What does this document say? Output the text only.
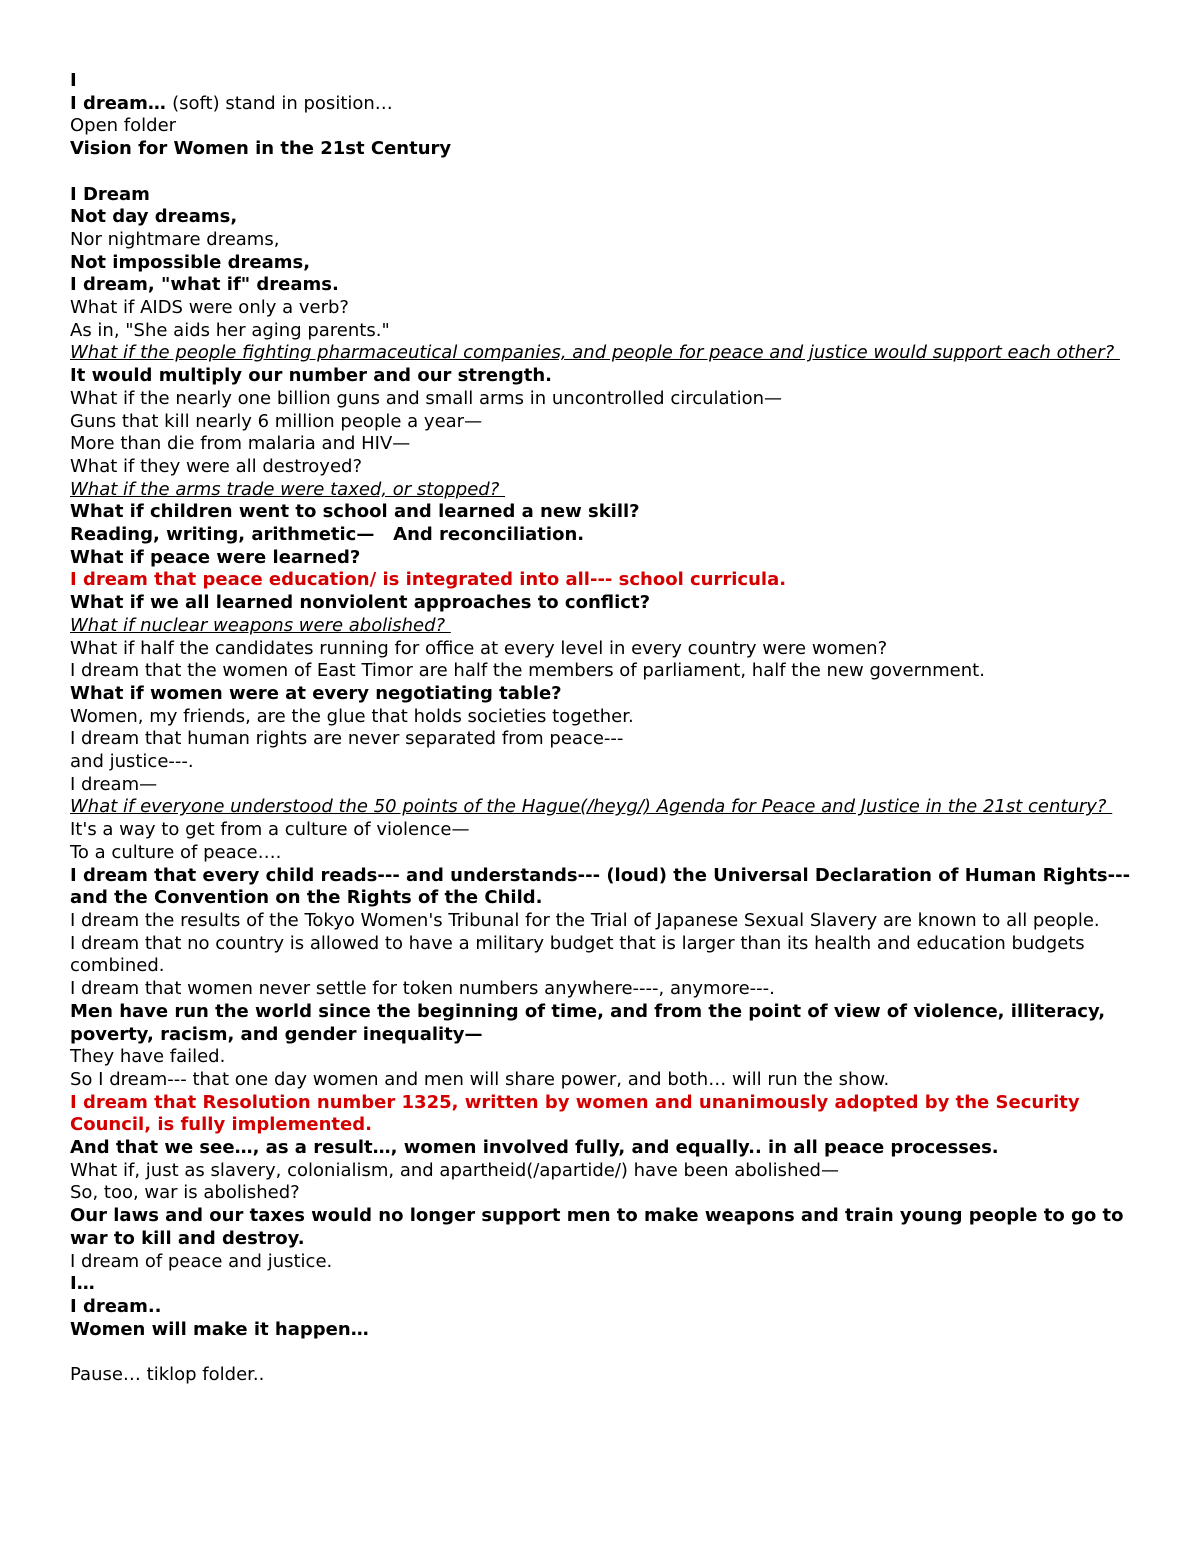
I
I dream… (soft) stand in position…
Open folder
Vision for Women in the 21st Century
I Dream
Not day dreams,
Nor nightmare dreams,
Not impossible dreams,
I dream, "what if" dreams.
What if AIDS were only a verb?
As in, "She aids her aging parents."
What if the people fighting pharmaceutical companies, and people for peace and justice would support each other?
It would multiply our number and our strength.
What if the nearly one billion guns and small arms in uncontrolled circulation—
Guns that kill nearly 6 million people a year—
More than die from malaria and HIV—
What if they were all destroyed?
What if the arms trade were taxed, or stopped?
What if children went to school and learned a new skill?
Reading, writing, arithmetic—   And reconciliation.
What if peace were learned?
I dream that peace education/ is integrated into all--- school curricula.
What if we all learned nonviolent approaches to conflict?
What if nuclear weapons were abolished?
What if half the candidates running for office at every level in every country were women?
I dream that the women of East Timor are half the members of parliament, half the new government.
What if women were at every negotiating table?
Women, my friends, are the glue that holds societies together.
I dream that human rights are never separated from peace---
and justice---.
I dream—
What if everyone understood the 50 points of the Hague(/heyg/) Agenda for Peace and Justice in the 21st century?
It's a way to get from a culture of violence—
To a culture of peace….
I dream that every child reads--- and understands--- (loud) the Universal Declaration of Human Rights--- and the Convention on the Rights of the Child.
I dream the results of the Tokyo Women's Tribunal for the Trial of Japanese Sexual Slavery are known to all people.
I dream that no country is allowed to have a military budget that is larger than its health and education budgets combined.
I dream that women never settle for token numbers anywhere----, anymore---.
Men have run the world since the beginning of time, and from the point of view of violence, illiteracy, poverty, racism, and gender inequality—
They have failed.
So I dream--- that one day women and men will share power, and both… will run the show.
I dream that Resolution number 1325, written by women and unanimously adopted by the Security Council, is fully implemented.
And that we see…, as a result…, women involved fully, and equally.. in all peace processes.
What if, just as slavery, colonialism, and apartheid(/apartide/) have been abolished—
So, too, war is abolished?
Our laws and our taxes would no longer support men to make weapons and train young people to go to war to kill and destroy.
I dream of peace and justice.
I…
I dream..
Women will make it happen…
Pause… tiklop folder..
